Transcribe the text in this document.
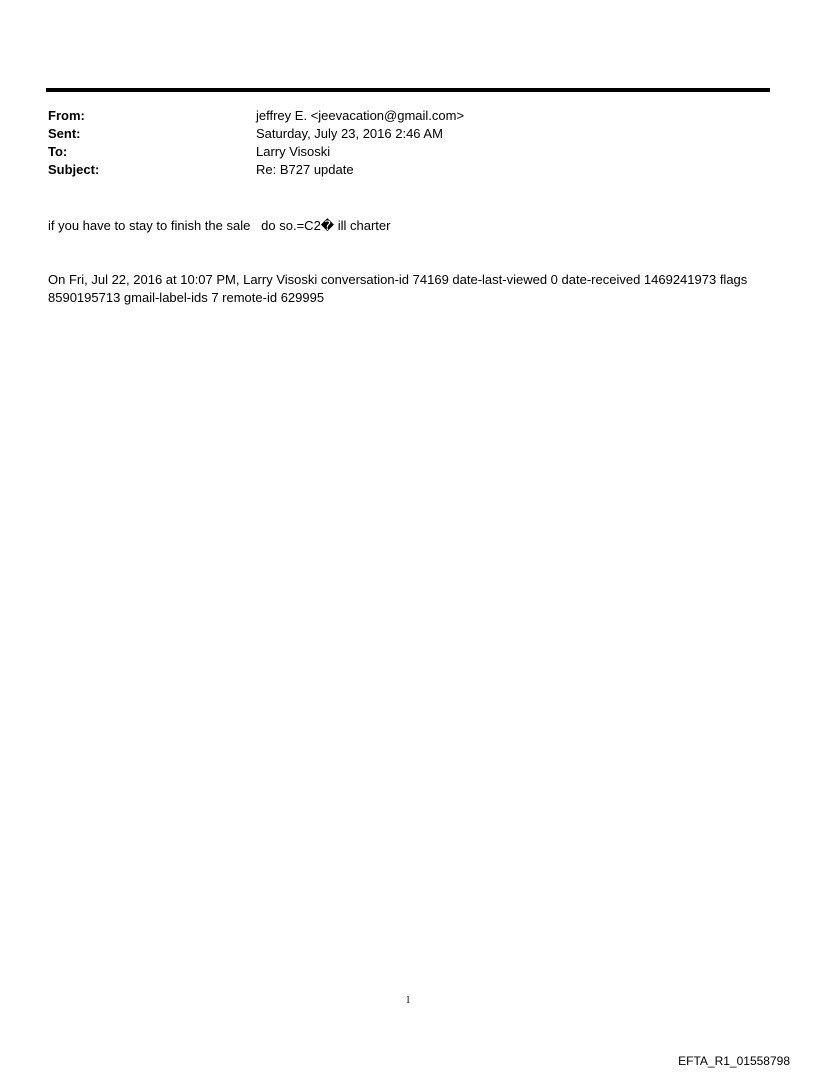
From:	jeffrey E. <jeevacation@gmail.com>
Sent:	Saturday, July 23, 2016 2:46 AM
To:	Larry Visoski
Subject:	Re: B727 update
if you have to stay to finish the sale   do so.=C2� ill charter
On Fri, Jul 22, 2016 at 10:07 PM, Larry Visoski conversation-id 74169 date-last-viewed 0 date-received 1469241973 flags 8590195713 gmail-label-ids 7 remote-id 629995
1
EFTA_R1_01558798
